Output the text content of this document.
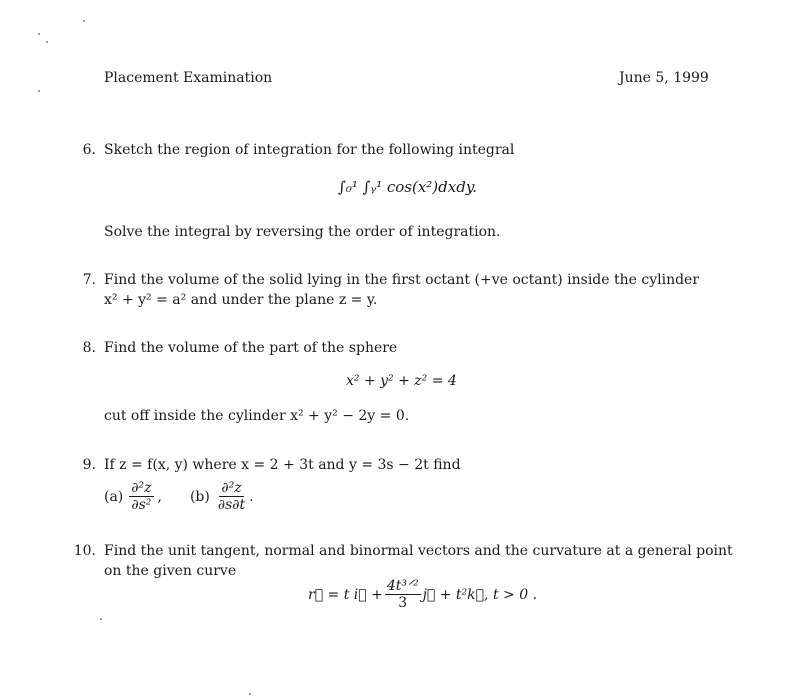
Placement Examination	June 5, 1999
6. Sketch the region of integration for the following integral
∫₀¹ ∫ᵧ¹ cos(x²)dxdy.
Solve the integral by reversing the order of integration.
7. Find the volume of the solid lying in the first octant (+ve octant) inside the cylinder
x² + y² = a² and under the plane z = y.
8. Find the volume of the part of the sphere
x² + y² + z² = 4
cut off inside the cylinder x² + y² − 2y = 0.
9. If z = f(x, y) where x = 2 + 3t and y = 3s − 2t find
$(a) \frac{\text{∂²z}}{\text{∂s²}}$ , $(b) \frac{\text{∂²z}}{\partial s\partial t}$ .
10. Find the unit tangent, normal and binormal vectors and the curvature at a general point
on the given curve
r⃗ = t i⃗ + $\frac{\text{4t³ᐟ²}}{3}$ j⃗ + t²k⃗, t > 0 .
